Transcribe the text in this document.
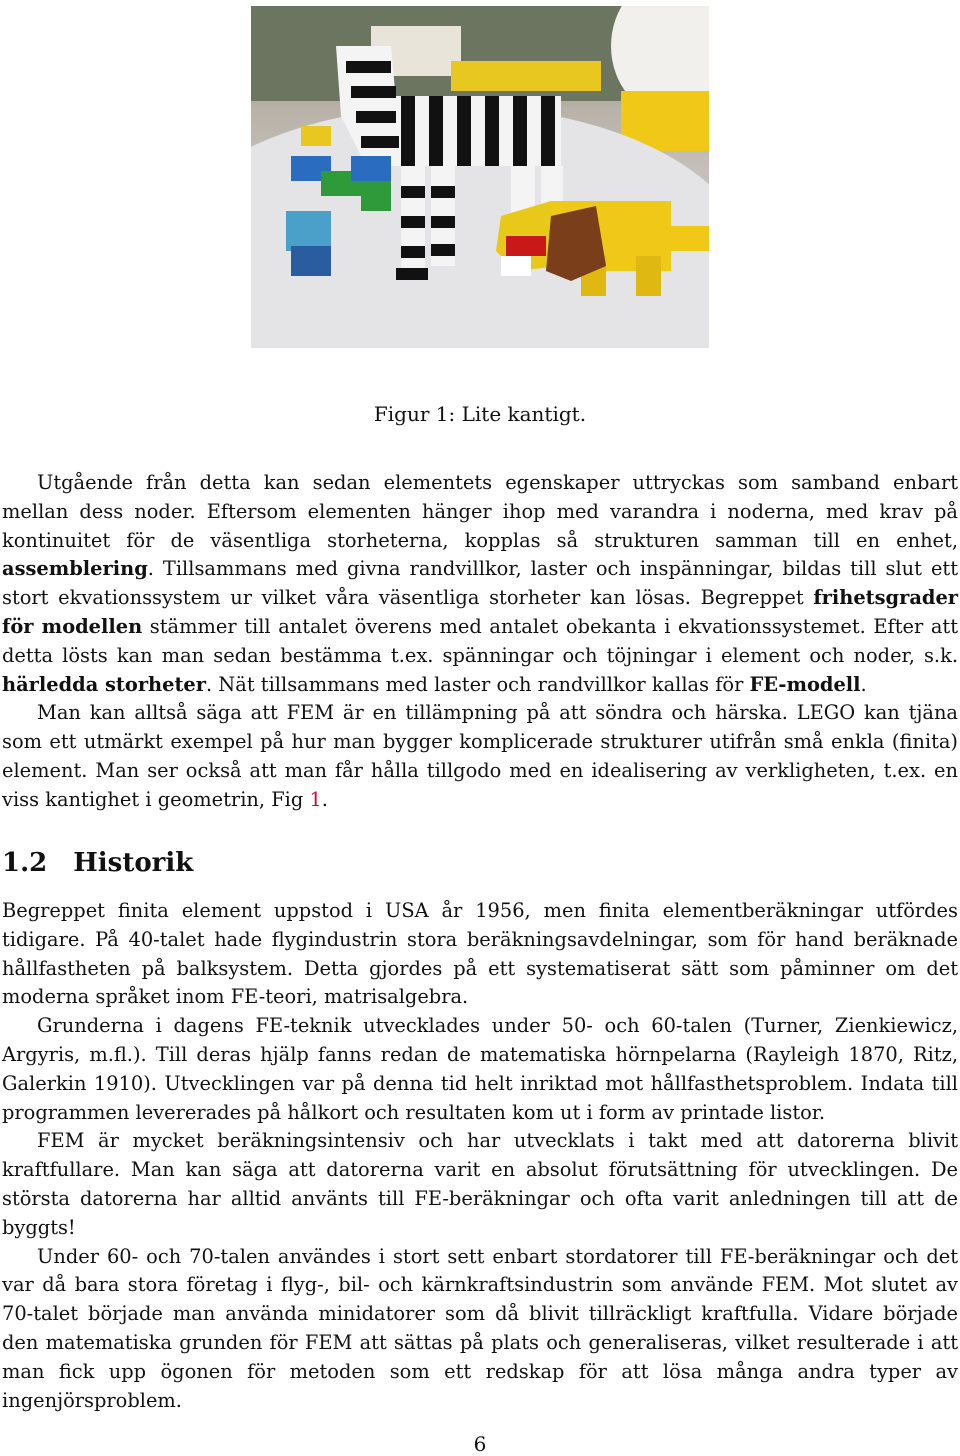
Figur 1: Lite kantigt.

Utgående från detta kan sedan elementets egenskaper uttryckas som samband enbart mellan dess noder. Eftersom elementen hänger ihop med varandra i noderna, med krav på kontinuitet för de väsentliga storheterna, kopplas så strukturen samman till en enhet, assemblering. Tillsammans med givna randvillkor, laster och inspänningar, bildas till slut ett stort ekvationssystem ur vilket våra väsentliga storheter kan lösas. Begreppet frihetsgrader för modellen stämmer till antalet överens med antalet obekanta i ekvationssystemet. Efter att detta lösts kan man sedan bestämma t.ex. spänningar och töjningar i element och noder, s.k. härledda storheter. Nät tillsammans med laster och randvillkor kallas för FE-modell.

Man kan alltså säga att FEM är en tillämpning på att söndra och härska. LEGO kan tjäna som ett utmärkt exempel på hur man bygger komplicerade strukturer utifrån små enkla (finita) element. Man ser också att man får hålla tillgodo med en idealisering av verkligheten, t.ex. en viss kantighet i geometrin, Fig 1.

1.2 Historik

Begreppet finita element uppstod i USA år 1956, men finita elementberäkningar utfördes tidigare. På 40-talet hade flygindustrin stora beräkningsavdelningar, som för hand beräknade hållfastheten på balksystem. Detta gjordes på ett systematiserat sätt som påminner om det moderna språket inom FE-teori, matrisalgebra.

Grunderna i dagens FE-teknik utvecklades under 50- och 60-talen (Turner, Zienkiewicz, Argyris, m.fl.). Till deras hjälp fanns redan de matematiska hörnpelarna (Rayleigh 1870, Ritz, Galerkin 1910). Utvecklingen var på denna tid helt inriktad mot hållfasthetsproblem. Indata till programmen levererades på hålkort och resultaten kom ut i form av printade listor.

FEM är mycket beräkningsintensiv och har utvecklats i takt med att datorerna blivit kraftfullare. Man kan säga att datorerna varit en absolut förutsättning för utvecklingen. De största datorerna har alltid använts till FE-beräkningar och ofta varit anledningen till att de byggts!

Under 60- och 70-talen användes i stort sett enbart stordatorer till FE-beräkningar och det var då bara stora företag i flyg-, bil- och kärnkraftsindustrin som använde FEM. Mot slutet av 70-talet började man använda minidatorer som då blivit tillräckligt kraftfulla. Vidare började den matematiska grunden för FEM att sättas på plats och generaliseras, vilket resulterade i att man fick upp ögonen för metoden som ett redskap för att lösa många andra typer av ingenjörsproblem.

6
